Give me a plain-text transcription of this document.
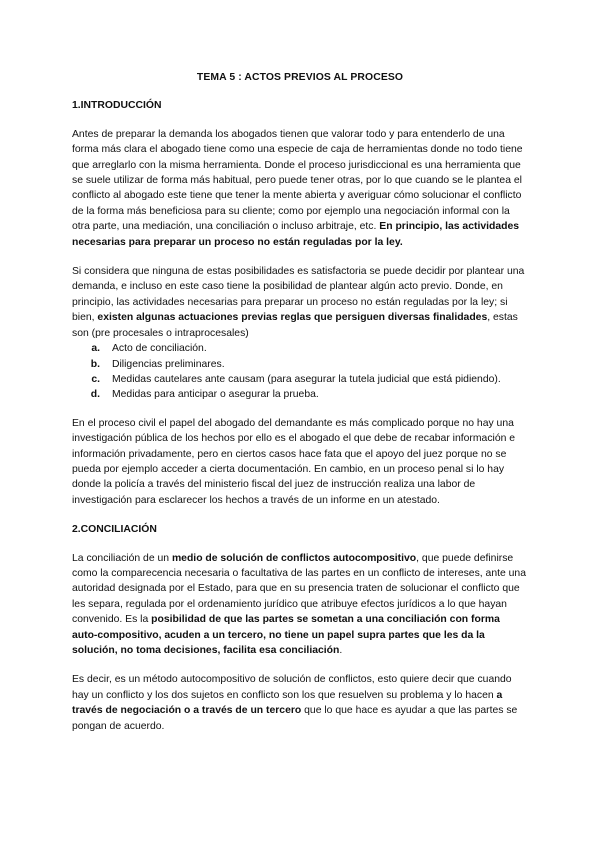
TEMA 5 : ACTOS PREVIOS AL PROCESO
1.INTRODUCCIÓN

Antes de preparar la demanda los abogados tienen que valorar todo y para entenderlo de una forma más clara el abogado tiene como una especie de caja de herramientas donde no todo tiene que arreglarlo con la misma herramienta. Donde el proceso jurisdiccional es una herramienta que se suele utilizar de forma más habitual, pero puede tener otras, por lo que cuando se le plantea el conflicto al abogado este tiene que tener la mente abierta y averiguar cómo solucionar el conflicto de la forma más beneficiosa para su cliente; como por ejemplo una negociación informal con la otra parte, una mediación, una conciliación o incluso arbitraje, etc. En principio, las actividades necesarias para preparar un proceso no están reguladas por la ley.

Si considera que ninguna de estas posibilidades es satisfactoria se puede decidir por plantear una demanda, e incluso en este caso tiene la posibilidad de plantear algún acto previo. Donde, en principio, las actividades necesarias para preparar un proceso no están reguladas por la ley; si bien, existen algunas actuaciones previas reglas que persiguen diversas finalidades, estas son (pre procesales o intraprocesales)

a.	Acto de conciliación.
b.	Diligencias preliminares.
c.	Medidas cautelares ante causam (para asegurar la tutela judicial que está pidiendo).
d.	Medidas para anticipar o asegurar la prueba.

En el proceso civil el papel del abogado del demandante es más complicado porque no hay una investigación pública de los hechos por ello es el abogado el que debe de recabar información e información privadamente, pero en ciertos casos hace fata que el apoyo del juez porque no se pueda por ejemplo acceder a cierta documentación. En cambio, en un proceso penal si lo hay donde la policía a través del ministerio fiscal del juez de instrucción realiza una labor de investigación para esclarecer los hechos a través de un informe en un atestado.

2.CONCILIACIÓN

La conciliación de un medio de solución de conflictos autocompositivo, que puede definirse como la comparecencia necesaria o facultativa de las partes en un conflicto de intereses, ante una autoridad designada por el Estado, para que en su presencia traten de solucionar el conflicto que les separa, regulada por el ordenamiento jurídico que atribuye efectos jurídicos a lo que hayan convenido. Es la posibilidad de que las partes se sometan a una conciliación con forma auto-compositivo, acuden a un tercero, no tiene un papel supra partes que les da la solución, no toma decisiones, facilita esa conciliación.

Es decir, es un método autocompositivo de solución de conflictos, esto quiere decir que cuando hay un conflicto y los dos sujetos en conflicto son los que resuelven su problema y lo hacen a través de negociación o a través de un tercero que lo que hace es ayudar a que las partes se pongan de acuerdo.
